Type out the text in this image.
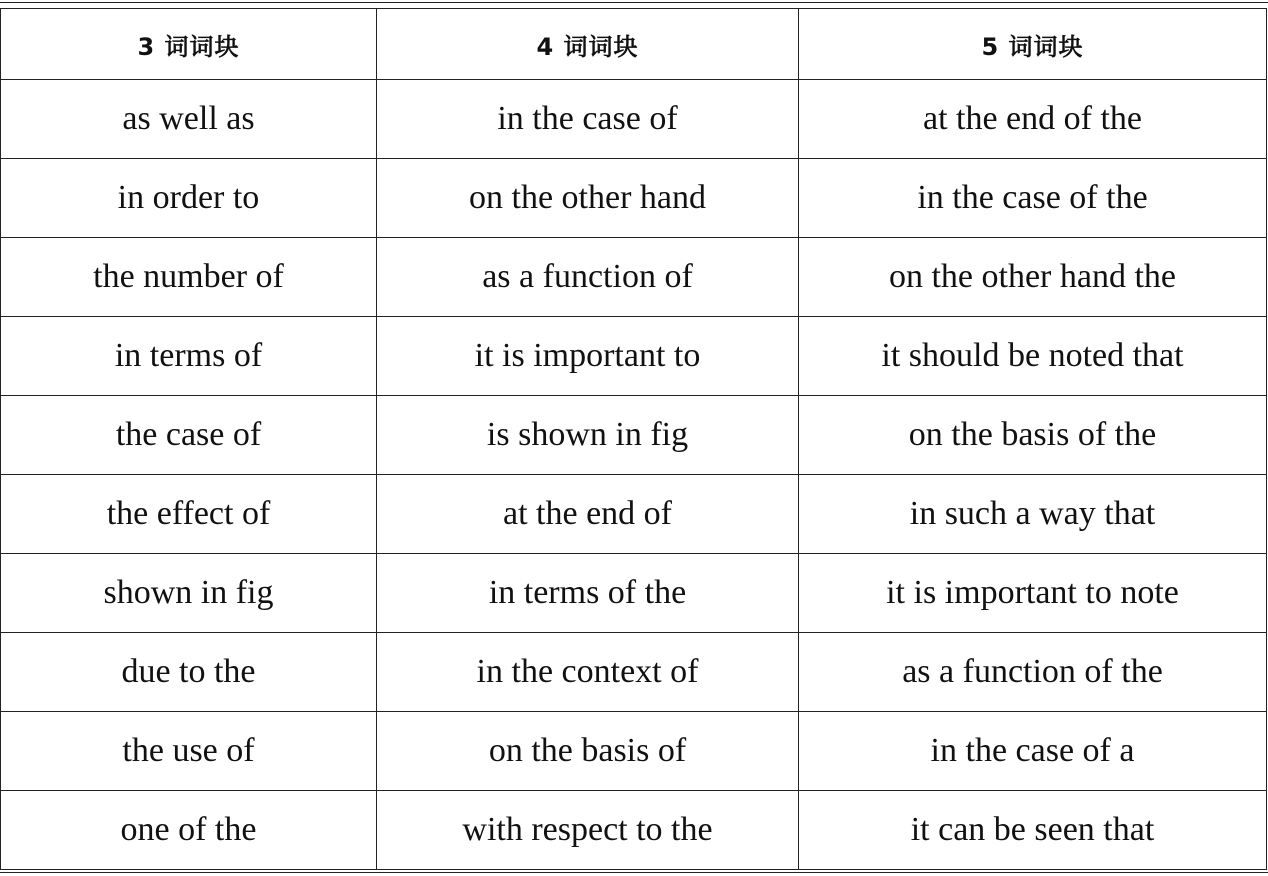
3 词词块	4 词词块	5 词词块
as well as	in the case of	at the end of the
in order to	on the other hand	in the case of the
the number of	as a function of	on the other hand the
in terms of	it is important to	it should be noted that
the case of	is shown in fig	on the basis of the
the effect of	at the end of	in such a way that
shown in fig	in terms of the	it is important to note
due to the	in the context of	as a function of the
the use of	on the basis of	in the case of a
one of the	with respect to the	it can be seen that
